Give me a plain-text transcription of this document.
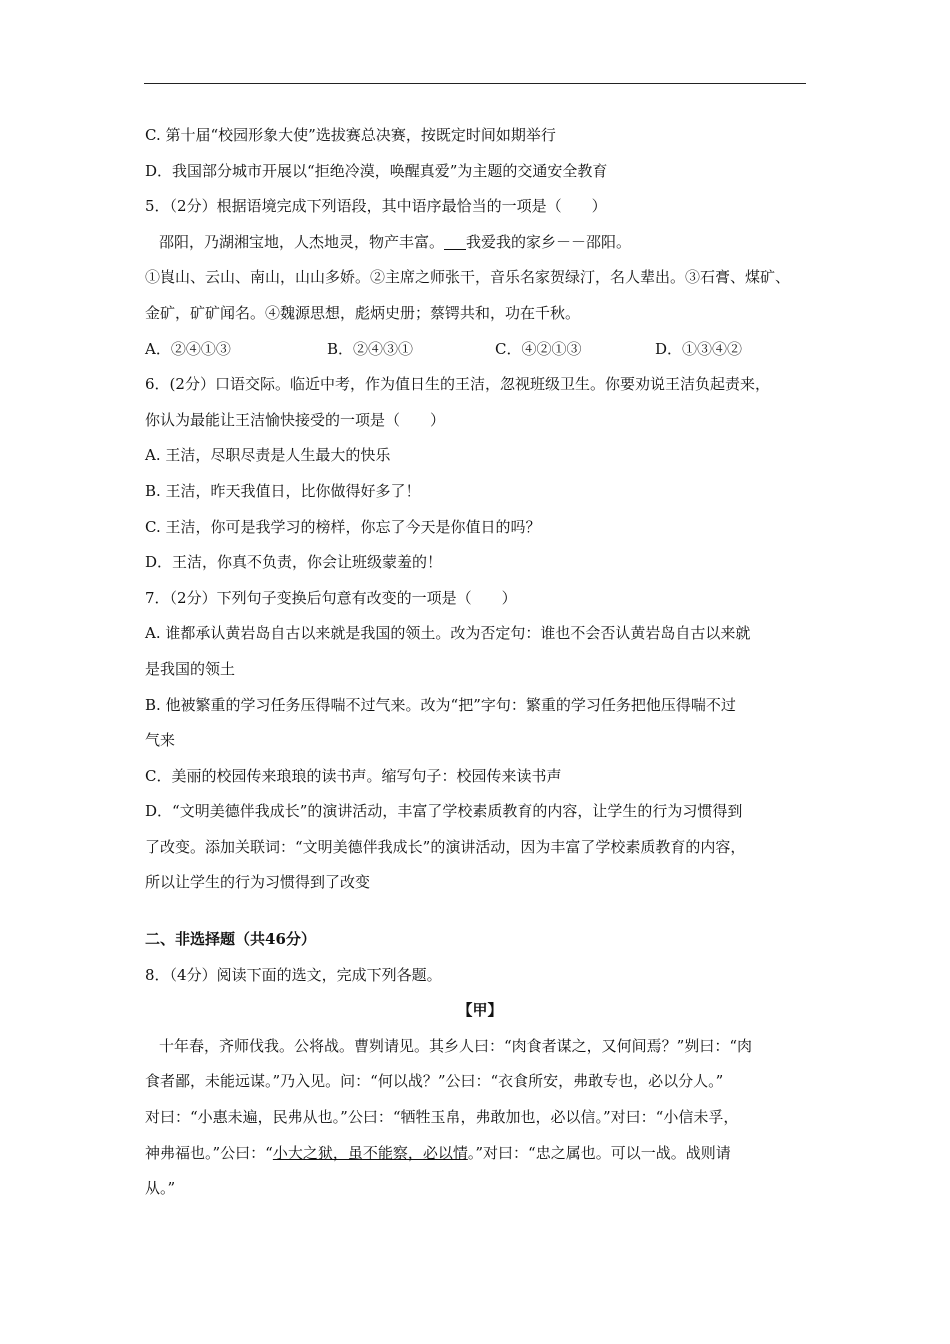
C. 第十届“校园形象大使”选拔赛总决赛，按既定时间如期举行
D．我国部分城市开展以“拒绝冷漠，唤醒真爱”为主题的交通安全教育
5．（2分）根据语境完成下列语段，其中语序最恰当的一项是（　　）
邵阳，乃湖湘宝地，人杰地灵，物产丰富。 我爱我的家乡－－邵阳。
①崀山、云山、南山，山山多娇。②主席之师张干，音乐名家贺绿汀，名人辈出。③石膏、煤矿、
金矿，矿矿闻名。④魏源思想，彪炳史册；蔡锷共和，功在千秋。
A．②④①③	B．②④③①	C．④②①③	D．①③④②
6．(2分）口语交际。临近中考，作为值日生的王洁，忽视班级卫生。你要劝说王洁负起责来，
你认为最能让王洁愉快接受的一项是（　　）
A. 王洁，尽职尽责是人生最大的快乐
B. 王洁，昨天我值日，比你做得好多了！
C. 王洁，你可是我学习的榜样，你忘了今天是你值日的吗？
D．王洁，你真不负责，你会让班级蒙羞的！
7．（2分）下列句子变换后句意有改变的一项是（　　）
A. 谁都承认黄岩岛自古以来就是我国的领土。改为否定句：谁也不会否认黄岩岛自古以来就
是我国的领土
B. 他被繁重的学习任务压得喘不过气来。改为“把”字句：繁重的学习任务把他压得喘不过
气来
C．美丽的校园传来琅琅的读书声。缩写句子：校园传来读书声
D．“文明美德伴我成长”的演讲活动，丰富了学校素质教育的内容，让学生的行为习惯得到
了改变。添加关联词：“文明美德伴我成长”的演讲活动，因为丰富了学校素质教育的内容，
所以让学生的行为习惯得到了改变
二、非选择题（共46分）
8．（4分）阅读下面的选文，完成下列各题。
【甲】
十年春，齐师伐我。公将战。曹刿请见。其乡人曰：“肉食者谋之，又何间焉？”刿曰：“肉
食者鄙，未能远谋。”乃入见。问：“何以战？”公曰：“衣食所安，弗敢专也，必以分人。”
对曰：“小惠未遍，民弗从也。”公曰：“牺牲玉帛，弗敢加也，必以信。”对曰：“小信未孚，
神弗福也。”公曰：“小大之狱，虽不能察，必以情。”对曰：“忠之属也。可以一战。战则请
从。”
